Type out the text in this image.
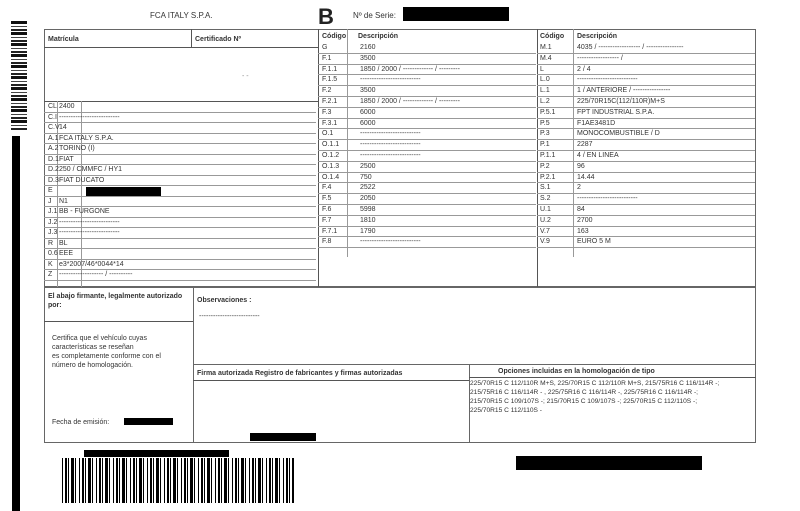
FCA ITALY S.P.A.	B Nº de Serie:
Matrícula	Certificado Nº
- -
CL 2400
C.I --------------------------
C.V 14
A.1 FCA ITALY S.P.A.
A.2 TORINO (I)
D.1 FIAT
D.2 250 / CMMFC / HY1
D.3 FIAT DUCATO
E
J N1
J.1 BB - FURGONE
J.2 --------------------------
J.3 --------------------------
R BL
0.6 EEE
K e3*2007/46*0044*14
Z ------------------- / ----------
Código Descripción
G	2160
F.1	3500
F.1.1	1850 / 2000 / ------------- / ---------
F.1.5	--------------------------
F.2	3500
F.2.1	1850 / 2000 / ------------- / ---------
F.3	6000
F.3.1	6000
O.1	--------------------------
O.1.1	--------------------------
O.1.2	--------------------------
O.1.3	2500
O.1.4	750
F.4	2522
F.5	2050
F.6	5998
F.7	1810
F.7.1	1790
F.8	--------------------------
Código Descripción
M.1	4035 / ------------------ / ----------------
M.4	------------------ /
L	2 / 4
L.0	--------------------------
L.1	1 / ANTERIORE / ----------------
L.2	225/70R15C(112/110R)M+S
P.5.1	FPT INDUSTRIAL S.P.A.
P.5	F1AE3481D
P.3	MONOCOMBUSTIBLE / D
P.1	2287
P.1.1	4 / EN LINEA
P.2	96
P.2.1	14.44
S.1	2
S.2	--------------------------
U.1	84
U.2	2700
V.7	163
V.9	EURO 5 M
El abajo firmante, legalmente autorizado por:
Certifica que el vehículo cuyas
características se reseñan
es completamente conforme con el
número de homologación.
Fecha de emisión:
Observaciones :
--------------------------
Firma autorizada Registro de fabricantes y firmas autorizadas	Opciones incluidas en la homologación de tipo
225/70R15 C 112/110R M+S, 225/70R15 C 112/110R M+S, 215/75R16 C 116/114R -;
215/75R16 C 116/114R - , 225/75R16 C 116/114R -, 225/75R16 C 116/114R -;
215/70R15 C 109/107S -; 215/70R15 C 109/107S -; 225/70R15 C 112/110S -;
225/70R15 C 112/110S -
